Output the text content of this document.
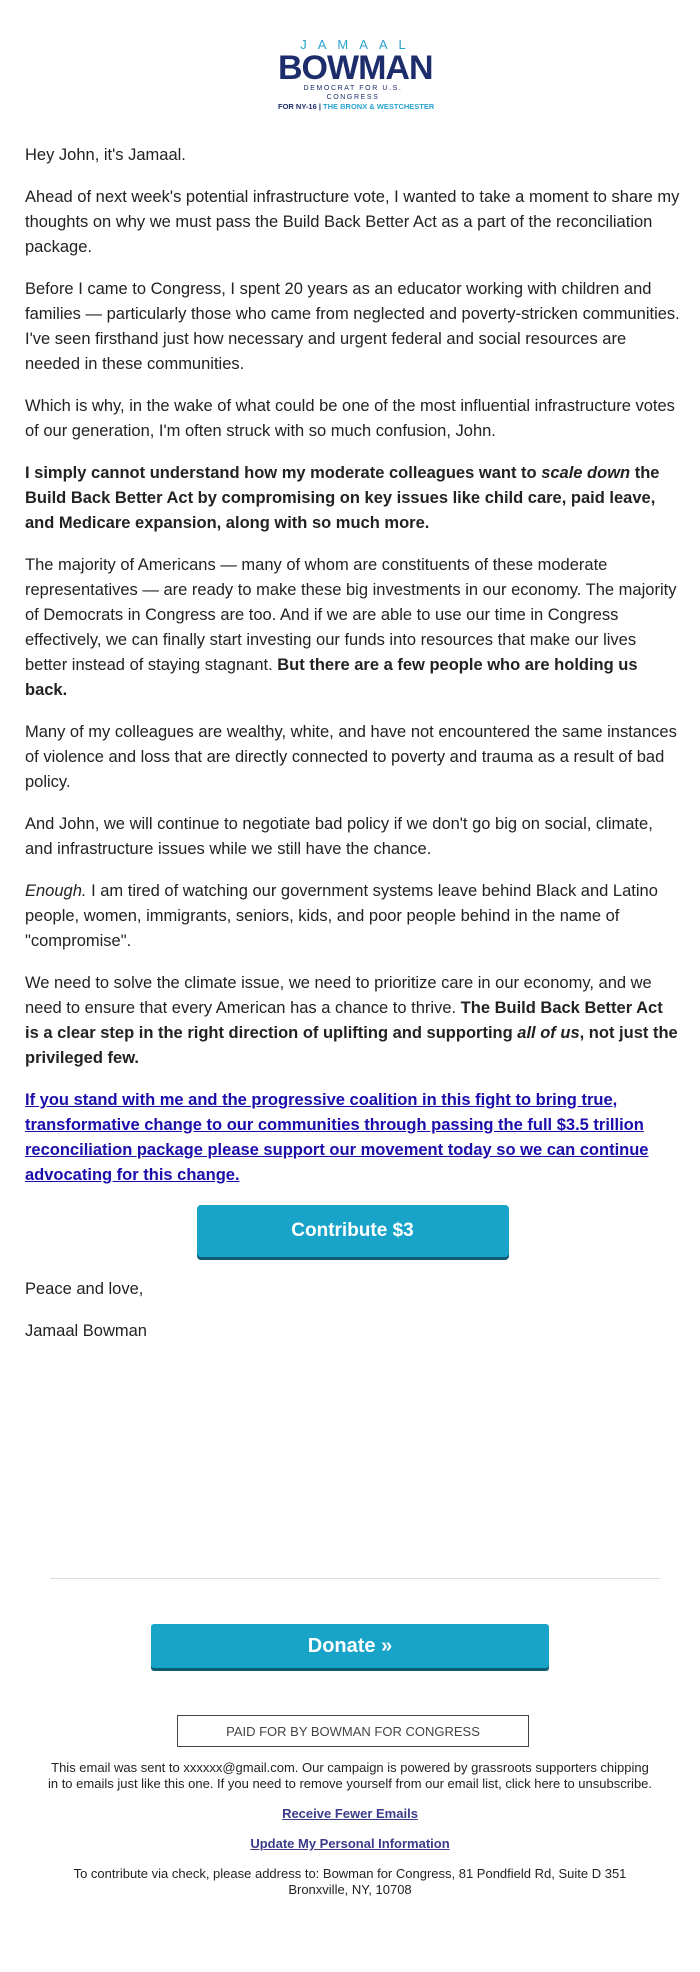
JAMAAL
BOWMAN
DEMOCRAT FOR U.S. CONGRESS
FOR NY-16 | THE BRONX & WESTCHESTER

Hey John, it's Jamaal.

Ahead of next week's potential infrastructure vote, I wanted to take a moment to share my thoughts on why we must pass the Build Back Better Act as a part of the reconciliation package.

Before I came to Congress, I spent 20 years as an educator working with children and families — particularly those who came from neglected and poverty-stricken communities. I've seen firsthand just how necessary and urgent federal and social resources are needed in these communities.

Which is why, in the wake of what could be one of the most influential infrastructure votes of our generation, I'm often struck with so much confusion, John.

I simply cannot understand how my moderate colleagues want to scale down the Build Back Better Act by compromising on key issues like child care, paid leave, and Medicare expansion, along with so much more.

The majority of Americans — many of whom are constituents of these moderate representatives — are ready to make these big investments in our economy. The majority of Democrats in Congress are too. And if we are able to use our time in Congress effectively, we can finally start investing our funds into resources that make our lives better instead of staying stagnant. But there are a few people who are holding us back.

Many of my colleagues are wealthy, white, and have not encountered the same instances of violence and loss that are directly connected to poverty and trauma as a result of bad policy.

And John, we will continue to negotiate bad policy if we don't go big on social, climate, and infrastructure issues while we still have the chance.

Enough. I am tired of watching our government systems leave behind Black and Latino people, women, immigrants, seniors, kids, and poor people behind in the name of "compromise".

We need to solve the climate issue, we need to prioritize care in our economy, and we need to ensure that every American has a chance to thrive. The Build Back Better Act is a clear step in the right direction of uplifting and supporting all of us, not just the privileged few.

If you stand with me and the progressive coalition in this fight to bring true, transformative change to our communities through passing the full $3.5 trillion reconciliation package please support our movement today so we can continue advocating for this change.

Contribute $3

Peace and love,

Jamaal Bowman

Donate »
PAID FOR BY BOWMAN FOR CONGRESS
This email was sent to xxxxxx@gmail.com. Our campaign is powered by grassroots supporters chipping in to emails just like this one. If you need to remove yourself from our email list, click here to unsubscribe.
Receive Fewer Emails
Update My Personal Information
To contribute via check, please address to: Bowman for Congress, 81 Pondfield Rd, Suite D 351 Bronxville, NY, 10708
